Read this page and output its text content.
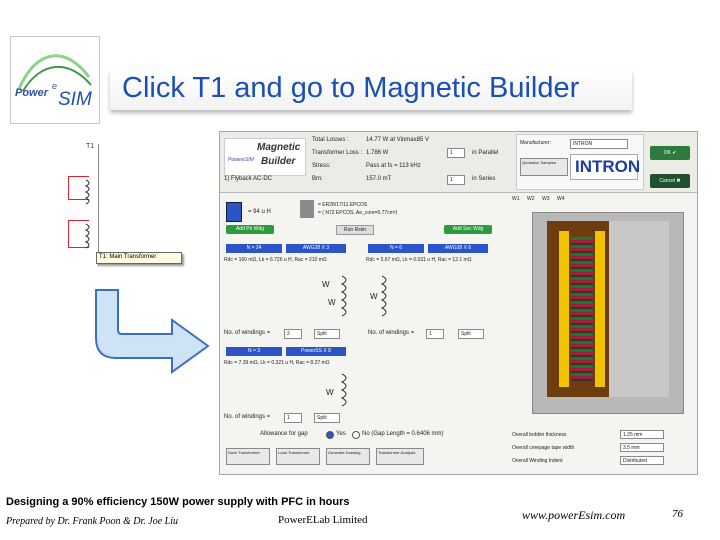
Power
e
SIM Click T1 and go to Magnetic Builder
T1
T1: Main Transformer
PowereSIM
Magnetic
Builder
1) Flyback AC-DC
Total Losses :	14.77 W at Vinmax85 V
Transformer Loss : 1.786 W
Stress:	Pass at fs = 113 kHz
Bm:	157.0 mT
1	in Parallel
1	in Series
Manufacturer:	INTRON
Quotation Samples	INTRON
OK ✔
Cancel ✖
W1 W2 W3 W4
= 94 u H
= ER28/17/11 EPCOS
= ( N72 EPCOS, Ae_core=0.77cm²)
Add Pri Wdg	Run Rsim	Add Sec Wdg
N = 24	AWG28 X 3
Rdc = 160 mΩ, Lk = 6.726 u H, Rac = 210 mΩ
W
W
No. of windings =	2	Split
N = 6	AWG28 X 6
Rdc = 5.67 mΩ, Lk = 0.031 u H, Rac = 12.1 mΩ
W
No. of windings =	1	Split
N = 3	PowerSS X 8
Rdc = 7.39 mΩ, Lk = 0.321 u H, Rac = 8.27 mΩ
W
No. of windings =	1	Split
Allowance for gap	Yes	No (Gap Length = 0.6406 mm)
Save Transformer	Load Transformer	Generate Drawing	Transformer Analysis
Overall bobbin thickness	1.25 mm
Overall creepage tape width	3.5 mm
Overall Winding Indent	Distributed
Designing a 90% efficiency 150W power supply with PFC in hours
Prepared by Dr. Frank Poon & Dr. Joe Liu	PowerELab Limited	www.powerEsim.com	76
